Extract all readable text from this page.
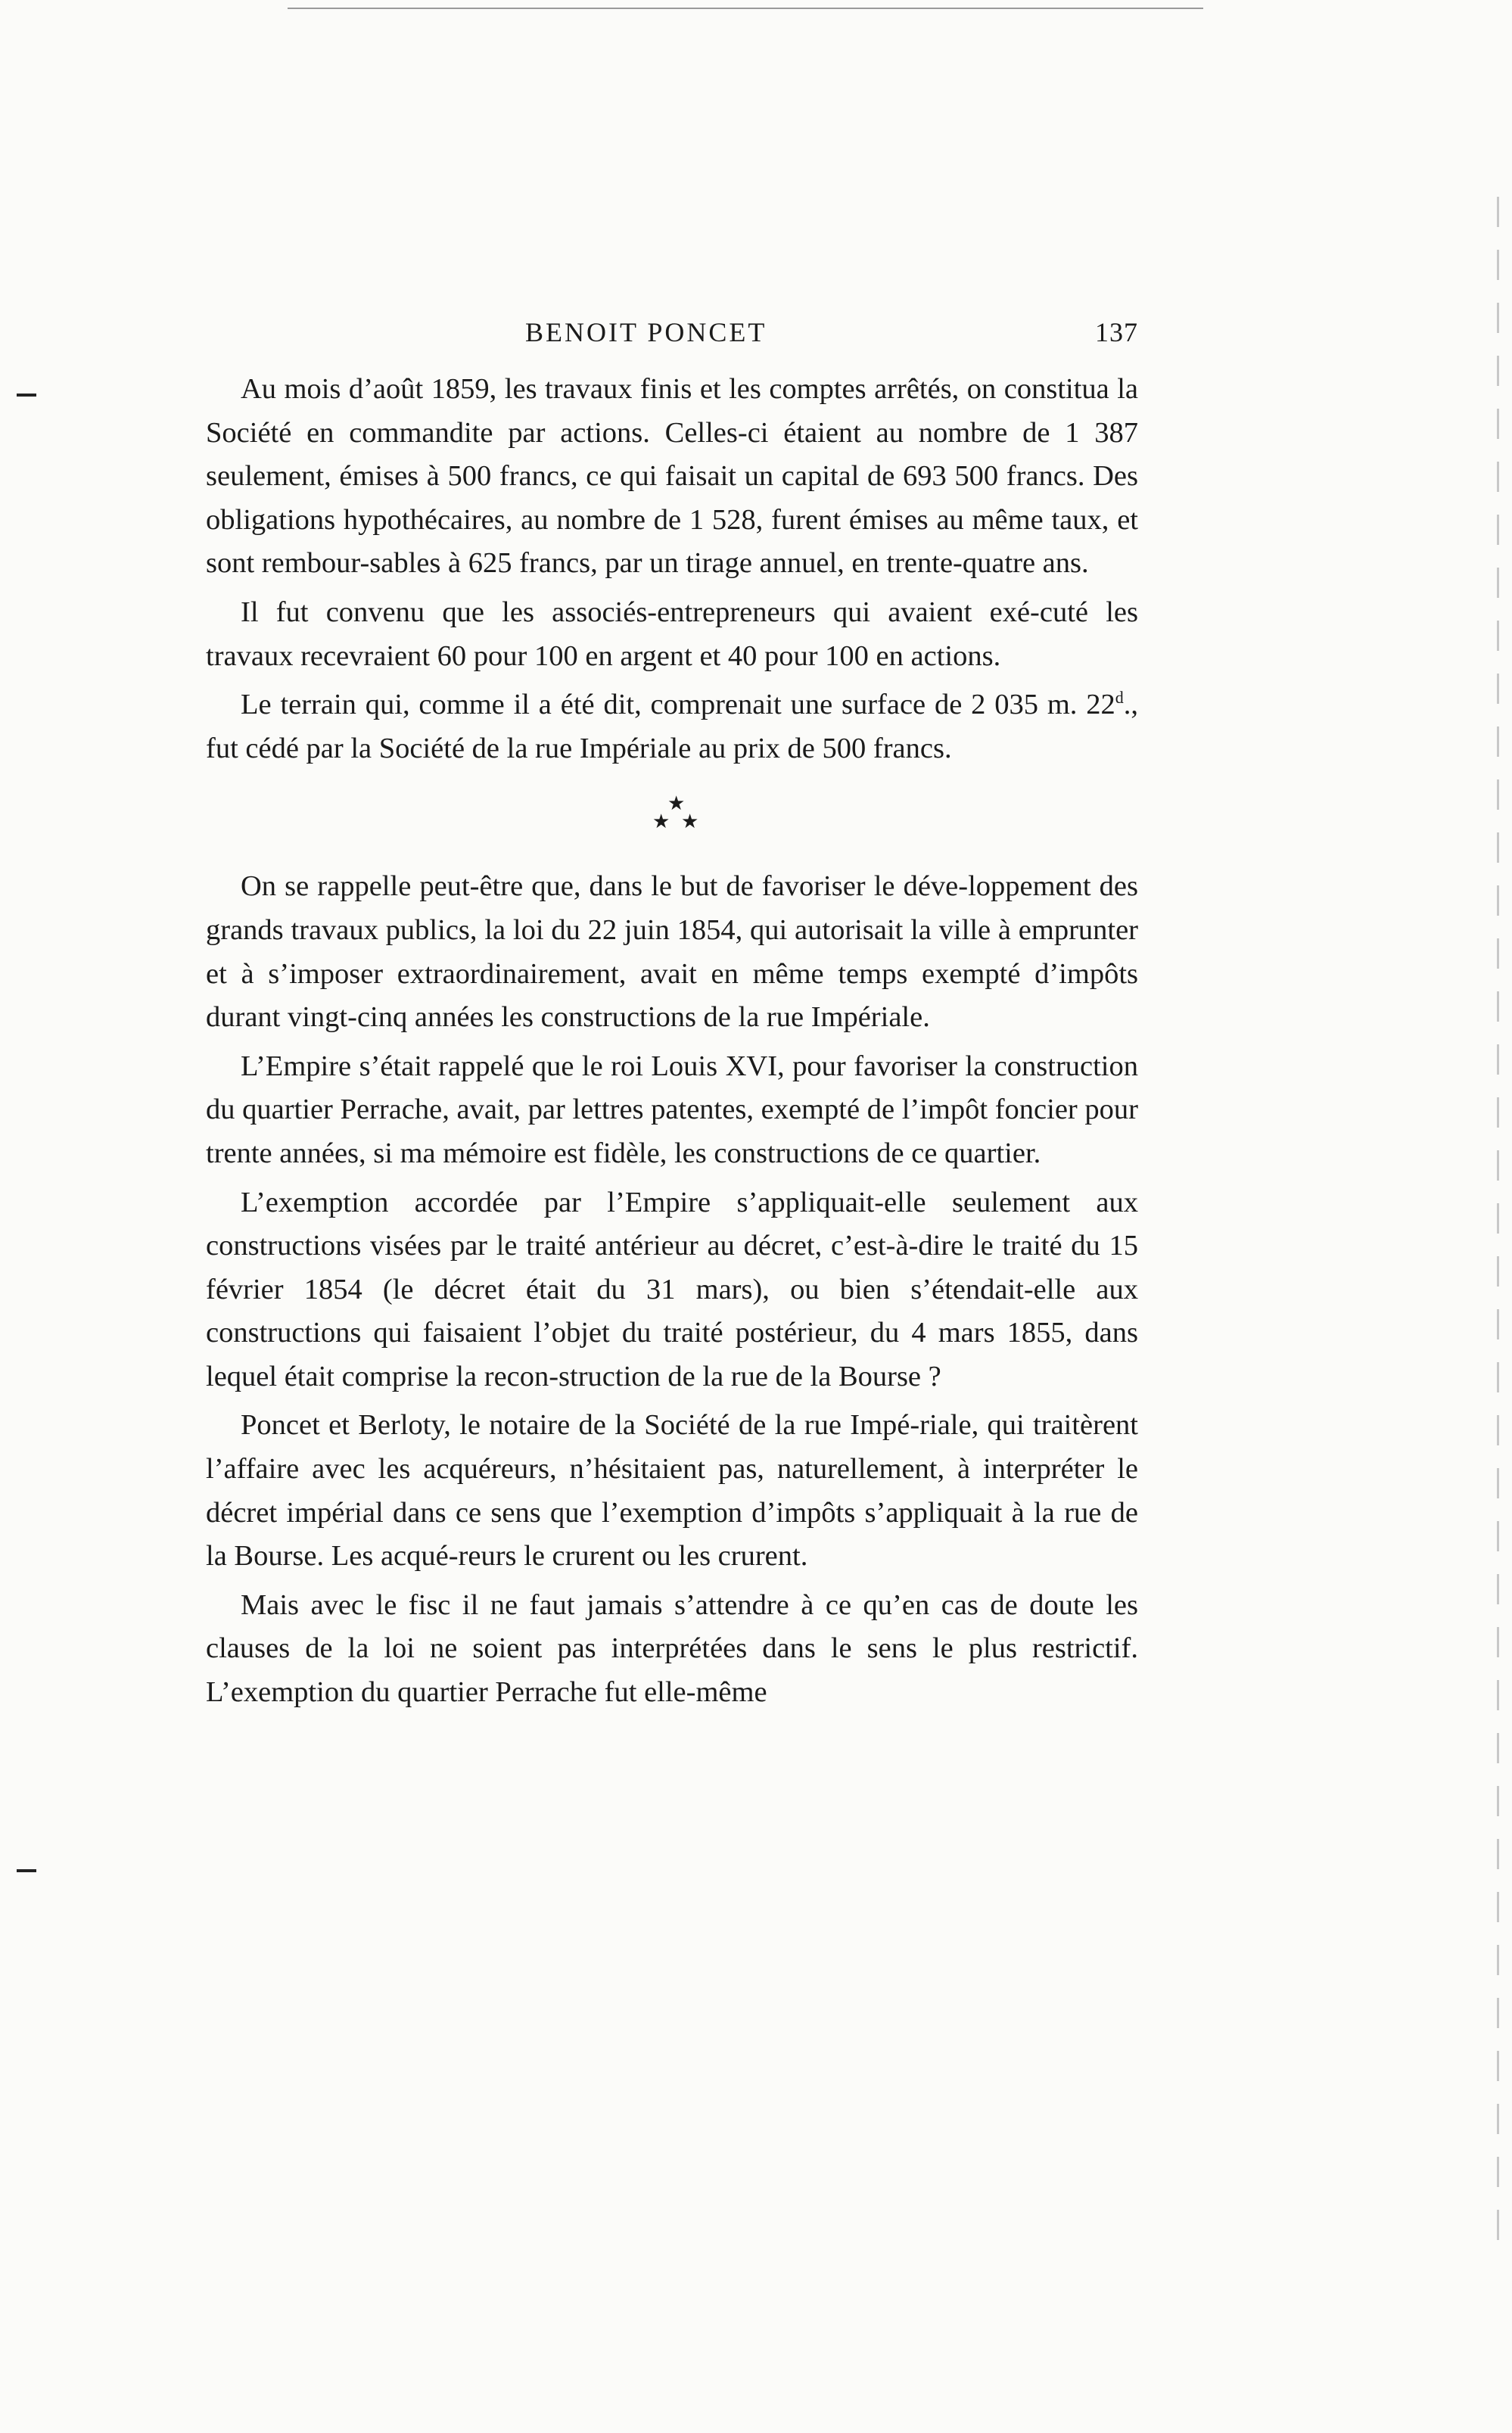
BENOIT PONCET	137

Au mois d’août 1859, les travaux finis et les comptes arrêtés, on constitua la Société en commandite par actions. Celles-ci étaient au nombre de 1 387 seulement, émises à 500 francs, ce qui faisait un capital de 693 500 francs. Des obligations hypothécaires, au nombre de 1 528, furent émises au même taux, et sont rembour-sables à 625 francs, par un tirage annuel, en trente-quatre ans.

Il fut convenu que les associés-entrepreneurs qui avaient exé-cuté les travaux recevraient 60 pour 100 en argent et 40 pour 100 en actions.

Le terrain qui, comme il a été dit, comprenait une surface de 2 035 m. 22$^d$., fut cédé par la Société de la rue Impériale au prix de 500 francs.

★
★ ★

On se rappelle peut-être que, dans le but de favoriser le déve-loppement des grands travaux publics, la loi du 22 juin 1854, qui autorisait la ville à emprunter et à s’imposer extraordinairement, avait en même temps exempté d’impôts durant vingt-cinq années les constructions de la rue Impériale.

L’Empire s’était rappelé que le roi Louis XVI, pour favoriser la construction du quartier Perrache, avait, par lettres patentes, exempté de l’impôt foncier pour trente années, si ma mémoire est fidèle, les constructions de ce quartier.

L’exemption accordée par l’Empire s’appliquait-elle seulement aux constructions visées par le traité antérieur au décret, c’est-à-dire le traité du 15 février 1854 (le décret était du 31 mars), ou bien s’étendait-elle aux constructions qui faisaient l’objet du traité postérieur, du 4 mars 1855, dans lequel était comprise la recon-struction de la rue de la Bourse ?

Poncet et Berloty, le notaire de la Société de la rue Impé-riale, qui traitèrent l’affaire avec les acquéreurs, n’hésitaient pas, naturellement, à interpréter le décret impérial dans ce sens que l’exemption d’impôts s’appliquait à la rue de la Bourse. Les acqué-reurs le crurent ou les crurent.

Mais avec le fisc il ne faut jamais s’attendre à ce qu’en cas de doute les clauses de la loi ne soient pas interprétées dans le sens le plus restrictif. L’exemption du quartier Perrache fut elle-même
